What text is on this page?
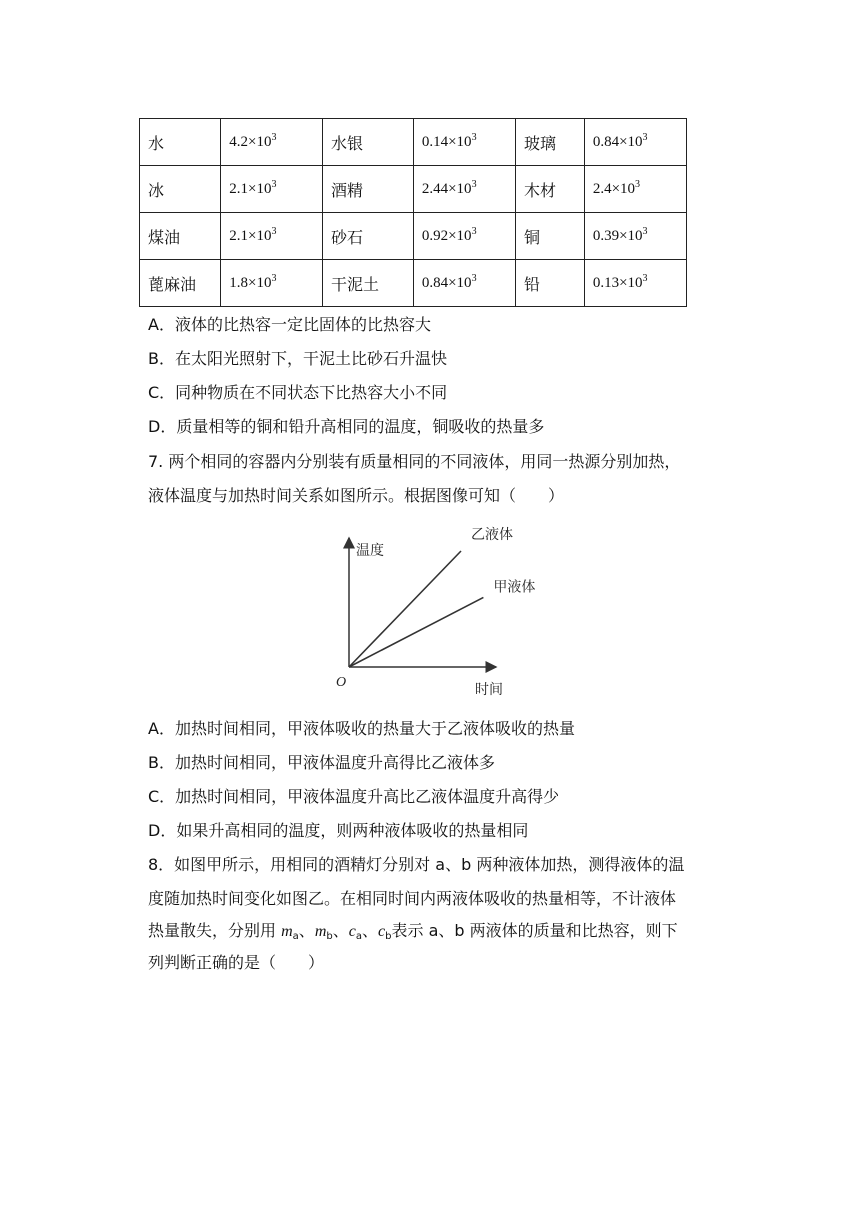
水	$4.2\times 10^3$	水银	$0.14\times 10^3$	玻璃	$0.84\times 10^3$
冰	$2.1\times 10^3$	酒精	$2.44\times 10^3$	木材	$2.4\times 10^3$
煤油	$2.1\times 10^3$	砂石	$0.92\times 10^3$	铜	$0.39\times 10^3$
蓖麻油	$1.8\times 10^3$	干泥土	$0.84\times 10^3$	铅	$0.13\times 10^3$
A．液体的比热容一定比固体的比热容大
B．在太阳光照射下，干泥土比砂石升温快
C．同种物质在不同状态下比热容大小不同
D．质量相等的铜和铅升高相同的温度，铜吸收的热量多
7. 两个相同的容器内分别装有质量相同的不同液体，用同一热源分别加热，
液体温度与加热时间关系如图所示。根据图像可知（　　）
温度
时间
O
乙液体
甲液体
A．加热时间相同，甲液体吸收的热量大于乙液体吸收的热量
B．加热时间相同，甲液体温度升高得比乙液体多
C．加热时间相同，甲液体温度升高比乙液体温度升高得少
D．如果升高相同的温度，则两种液体吸收的热量相同
8．如图甲所示，用相同的酒精灯分别对 a、b 两种液体加热，测得液体的温
度随加热时间变化如图乙。在相同时间内两液体吸收的热量相等，不计液体
热量散失，分别用 $m_a$、$m_b$、$c_a$、$c_b$表示 a、b 两液体的质量和比热容，则下
列判断正确的是（　　）
